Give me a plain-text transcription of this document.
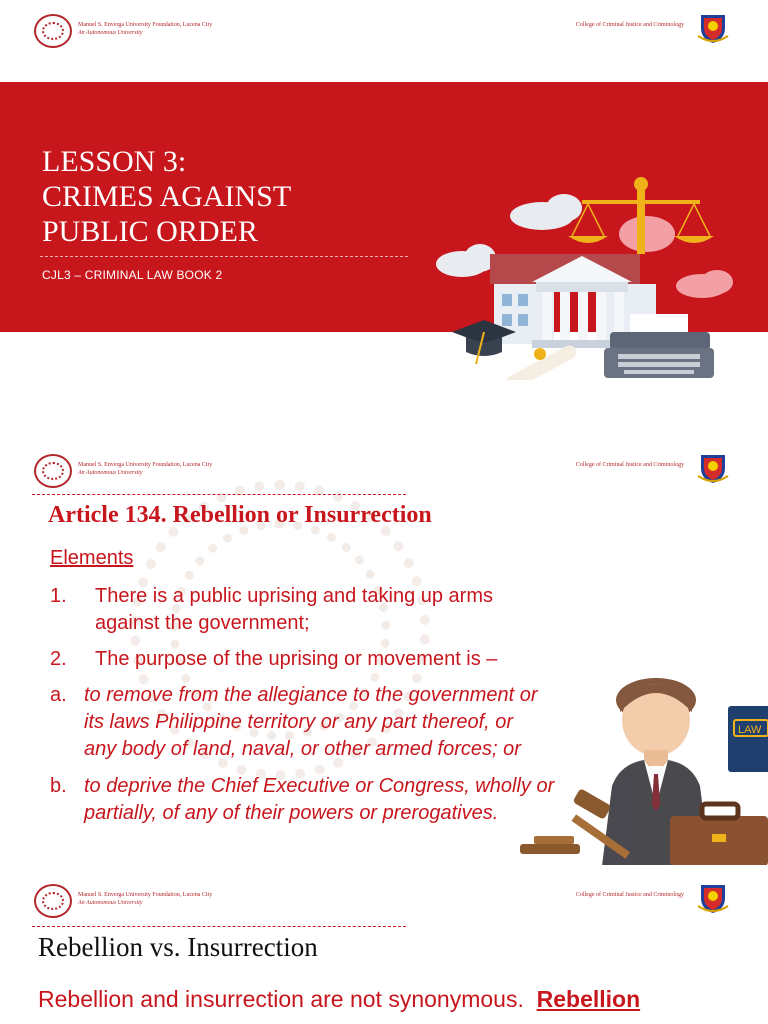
Manuel S. Enverga University Foundation, Lucena City
An Autonomous University
College of Criminal Justice and Criminology
LESSON 3:
CRIMES AGAINST
PUBLIC ORDER
CJL3 – CRIMINAL LAW BOOK 2
Manuel S. Enverga University Foundation, Lucena City
An Autonomous University
College of Criminal Justice and Criminology
Article 134. Rebellion or Insurrection
Elements
1. There is a public uprising and taking up arms
against the government;
2. The purpose of the uprising or movement is –
a. to remove from the allegiance to the government or
its laws Philippine territory or any part thereof, or
any body of land, naval, or other armed forces; or
b. to deprive the Chief Executive or Congress, wholly or
partially, of any of their powers or prerogatives.
LAW
Manuel S. Enverga University Foundation, Lucena City
An Autonomous University
College of Criminal Justice and Criminology
Rebellion vs. Insurrection
Rebellion and insurrection are not synonymous. Rebellion
